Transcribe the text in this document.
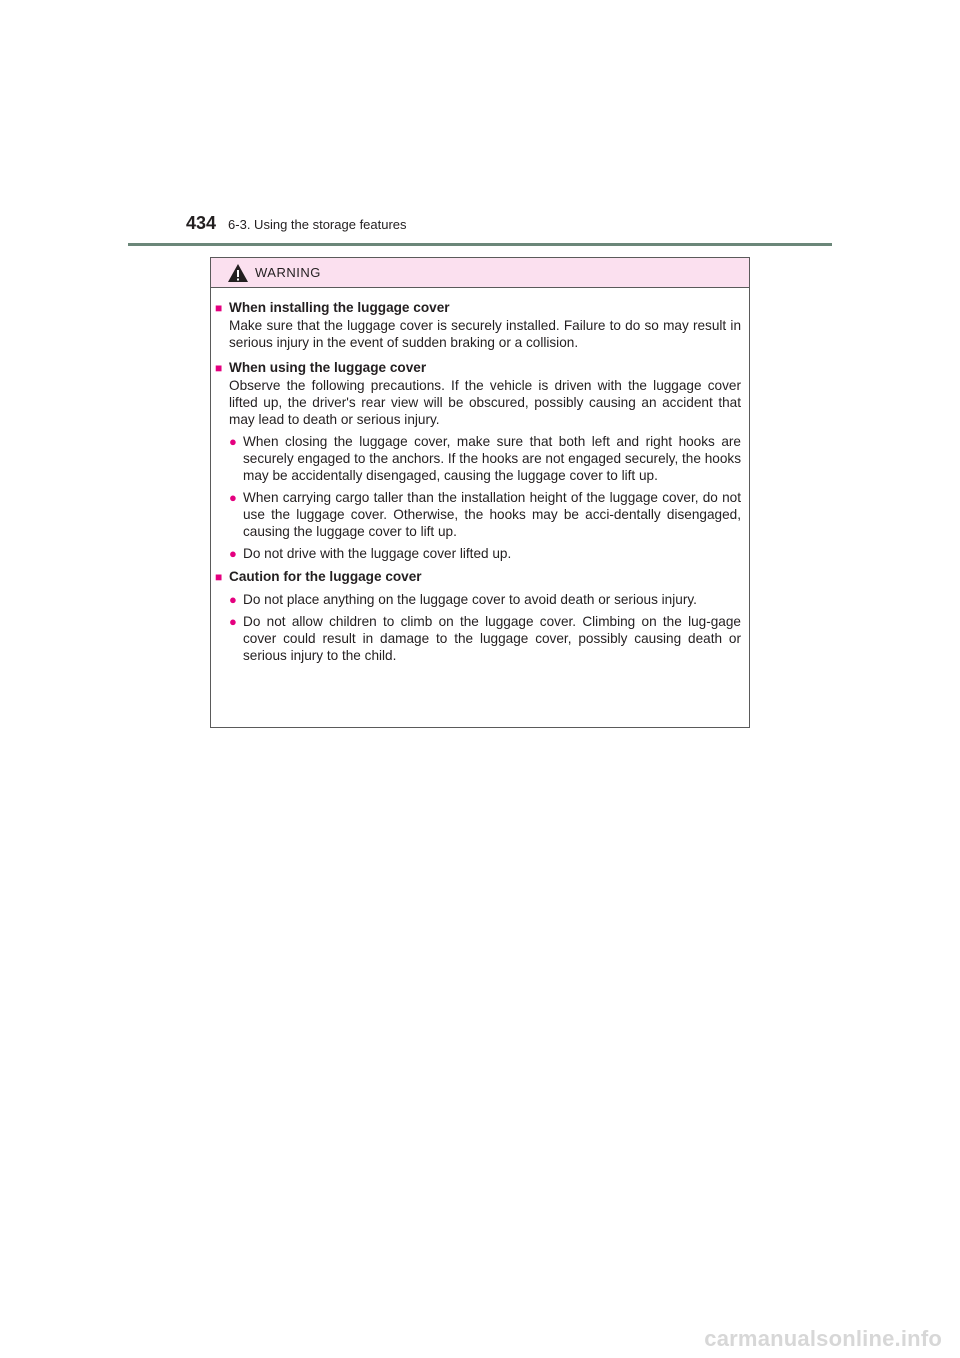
434 6-3. Using the storage features
WARNING
■ When installing the luggage cover
Make sure that the luggage cover is securely installed. Failure to do so may result in serious injury in the event of sudden braking or a collision.
■ When using the luggage cover
Observe the following precautions. If the vehicle is driven with the luggage cover lifted up, the driver's rear view will be obscured, possibly causing an accident that may lead to death or serious injury.
● When closing the luggage cover, make sure that both left and right hooks are securely engaged to the anchors. If the hooks are not engaged securely, the hooks may be accidentally disengaged, causing the luggage cover to lift up.
● When carrying cargo taller than the installation height of the luggage cover, do not use the luggage cover. Otherwise, the hooks may be acci-dentally disengaged, causing the luggage cover to lift up.
● Do not drive with the luggage cover lifted up.
■ Caution for the luggage cover
● Do not place anything on the luggage cover to avoid death or serious injury.
● Do not allow children to climb on the luggage cover. Climbing on the lug-gage cover could result in damage to the luggage cover, possibly causing death or serious injury to the child.
carmanualsonline.info
